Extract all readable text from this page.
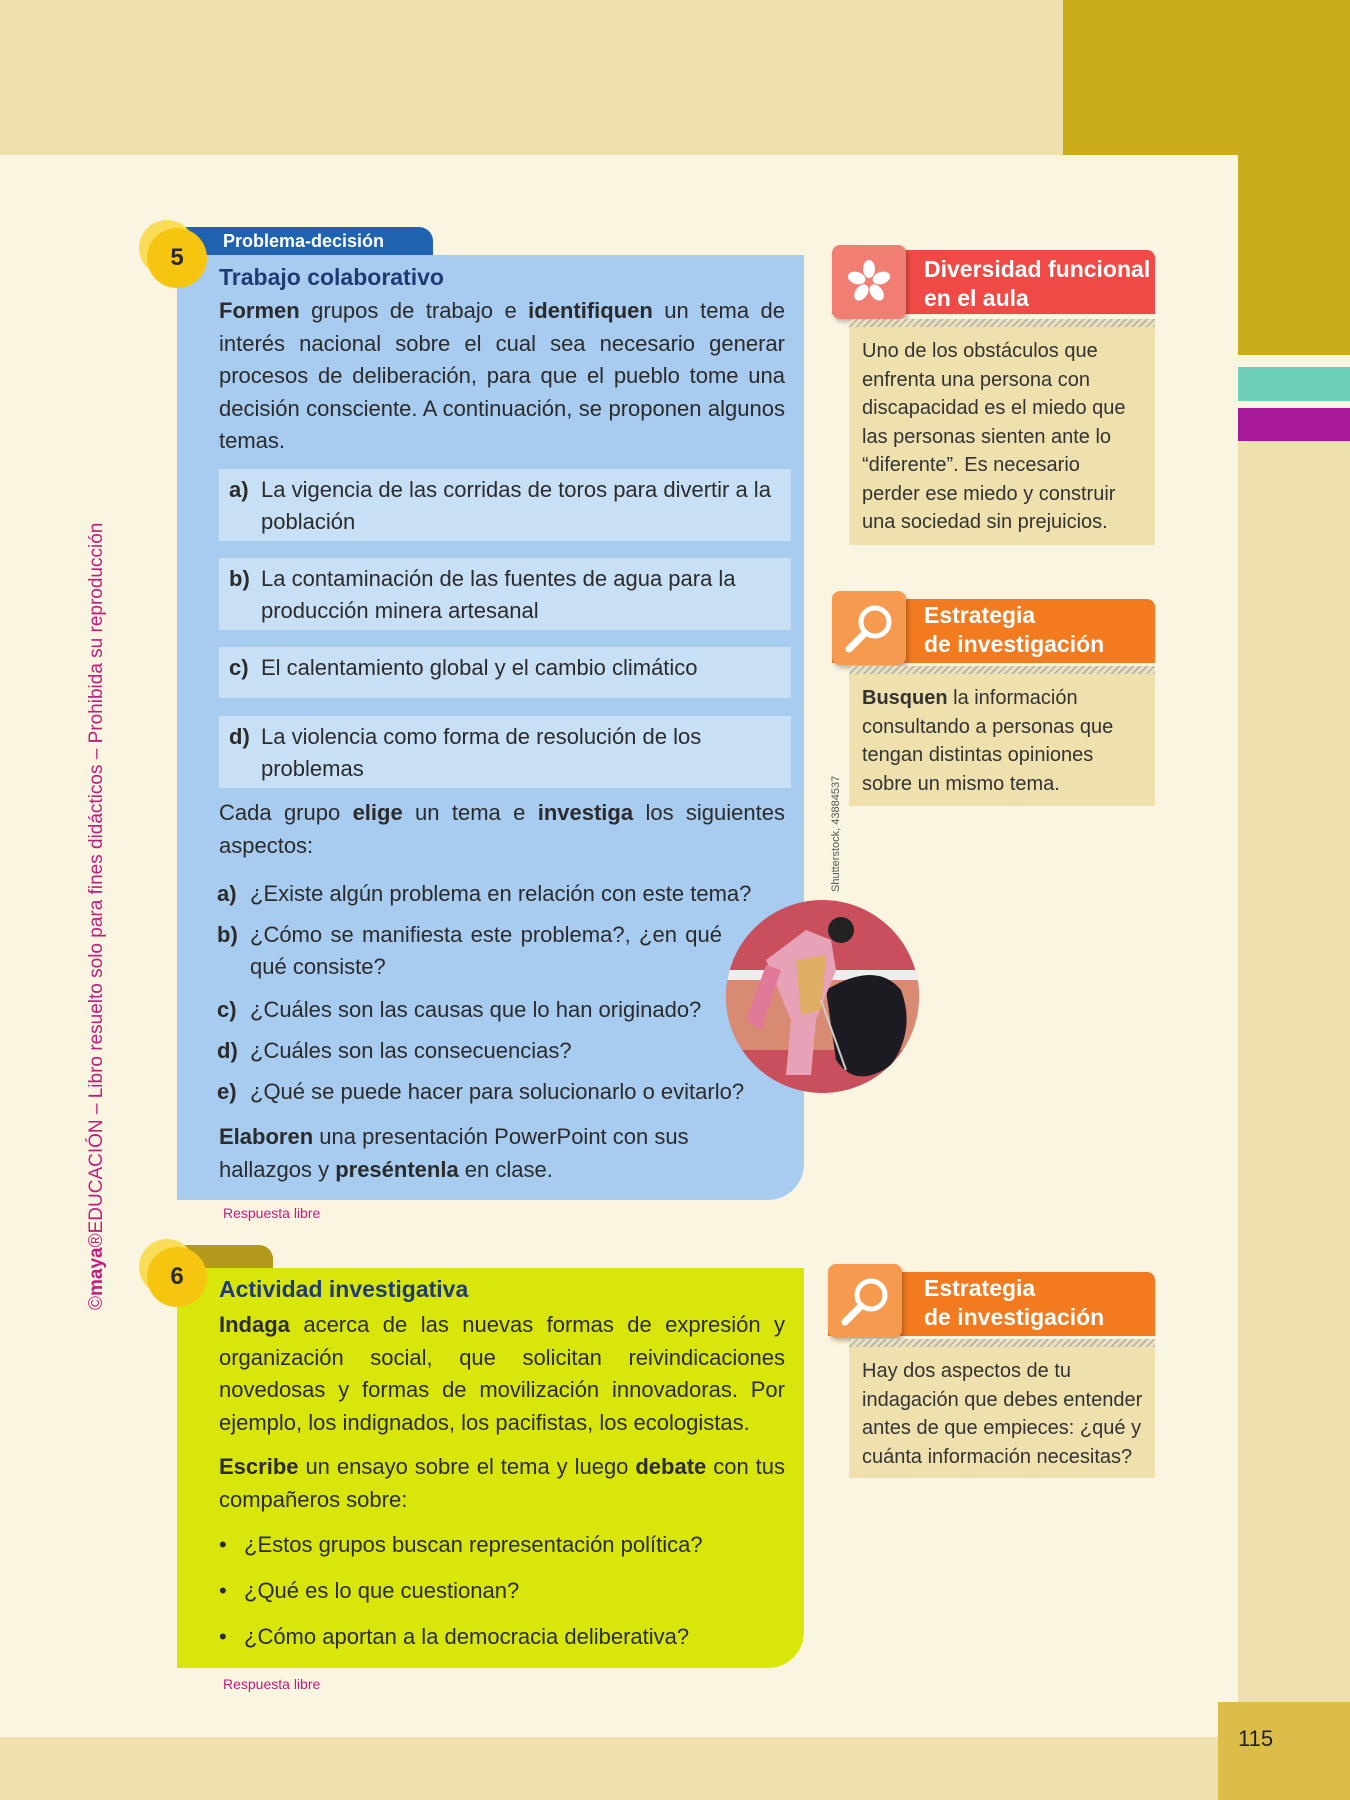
115
©maya®EDUCACIÓN – Libro resuelto solo para fines didácticos – Prohibida su reproducción
Problema-decisión
5
Trabajo colaborativo
Formen grupos de trabajo e identifiquen un tema de interés nacional sobre el cual sea necesario generar procesos de deliberación, para que el pueblo tome una decisión consciente. A continuación, se proponen algunos temas.
a) La vigencia de las corridas de toros para divertir a la población
b) La contaminación de las fuentes de agua para la producción minera artesanal
c) El calentamiento global y el cambio climático
d) La violencia como forma de resolución de los problemas
Cada grupo elige un tema e investiga los siguientes aspectos:
a) ¿Existe algún problema en relación con este tema?
b) ¿Cómo se manifiesta este problema?, ¿en qué qué consiste?
c) ¿Cuáles son las causas que lo han originado?
d) ¿Cuáles son las consecuencias?
e) ¿Qué se puede hacer para solucionarlo o evitarlo?
Elaboren una presentación PowerPoint con sus hallazgos y preséntenla en clase.
Respuesta libre
Shutterstock, 43884537
6	Actividad investigativa
Indaga acerca de las nuevas formas de expresión y organización social, que solicitan reivindicaciones novedosas y formas de movilización innovadoras. Por ejemplo, los indignados, los pacifistas, los ecologistas.
Escribe un ensayo sobre el tema y luego debate con tus compañeros sobre:
• ¿Estos grupos buscan representación política?
• ¿Qué es lo que cuestionan?
• ¿Cómo aportan a la democracia deliberativa?
Respuesta libre
Diversidad funcional
en el aula
Uno de los obstáculos que enfrenta una persona con discapacidad es el miedo que las personas sienten ante lo “diferente”. Es necesario perder ese miedo y construir una sociedad sin prejuicios.
Estrategia
de investigación
Busquen la información consultando a personas que tengan distintas opiniones sobre un mismo tema.
Estrategia
de investigación
Hay dos aspectos de tu indagación que debes entender antes de que empieces: ¿qué y cuánta información necesitas?
